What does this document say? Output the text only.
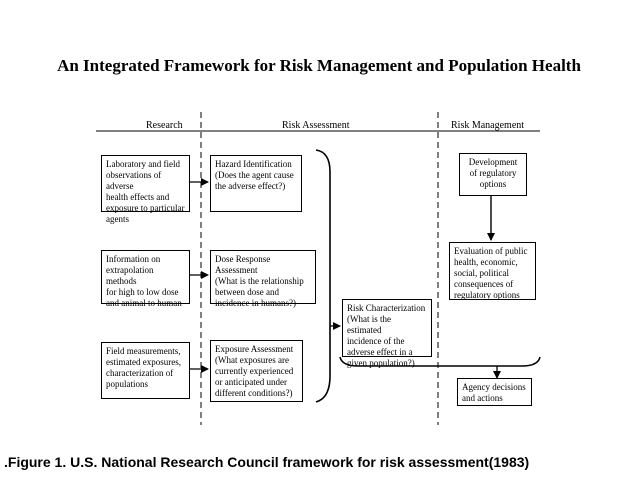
An Integrated Framework for Risk Management and Population Health
Research	Risk Assessment	Risk Management
Laboratory and field
observations of adverse
health effects and
exposure to particular
agents
Information on
extrapolation methods
for high to low dose
and animal to human
Field measurements,
estimated exposures,
characterization of
populations
Hazard Identification
(Does the agent cause
the adverse effect?)
Dose Response Assessment
(What is the relationship
between dose and
incidence in humans?)
Exposure Assessment
(What exposures are
currently experienced
or anticipated under
different conditions?)
Risk Characterization
(What is the estimated
incidence of the
adverse effect in a
given population?)
Development
of regulatory
options
Evaluation of public
health, economic,
social, political
consequences of
regulatory options
Agency decisions
and actions
.Figure 1. U.S. National Research Council framework for risk assessment(1983)
